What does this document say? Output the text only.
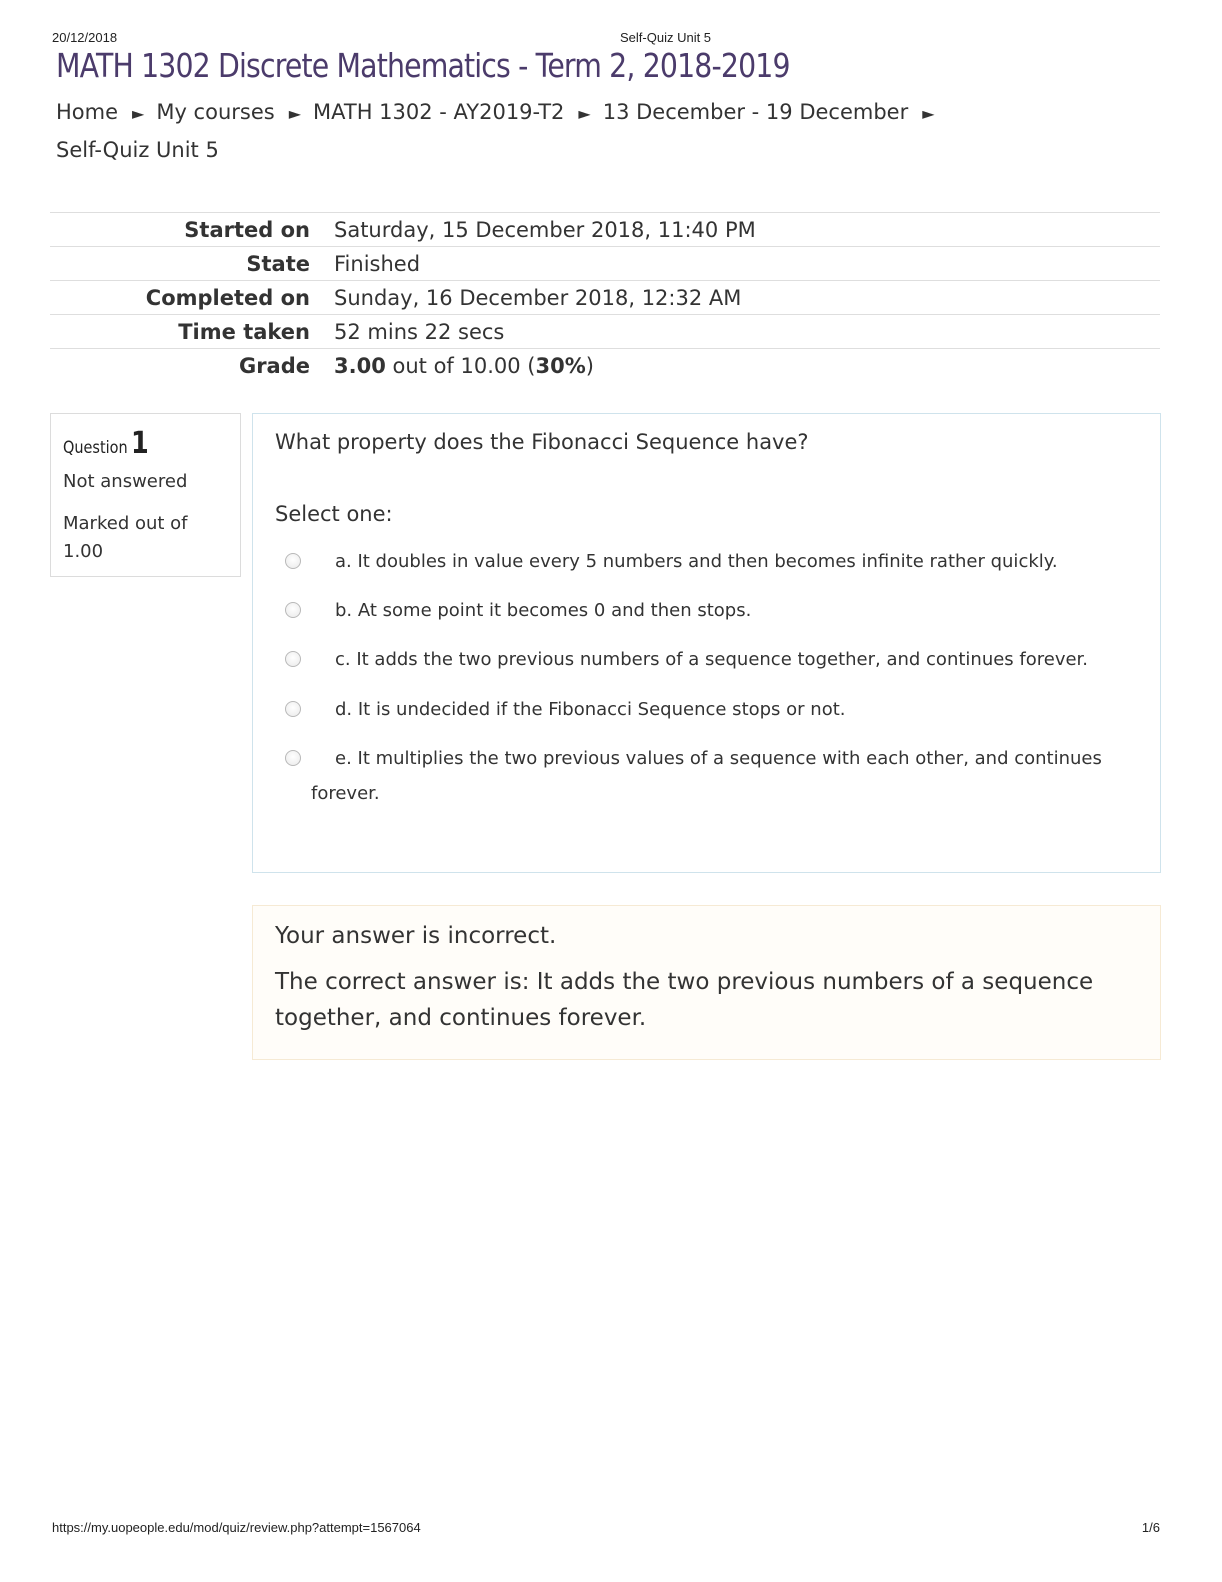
20/12/2018	Self-Quiz Unit 5
MATH 1302 Discrete Mathematics - Term 2, 2018-2019
Home ► My courses ► MATH 1302 - AY2019-T2 ► 13 December - 19 December ►
Self-Quiz Unit 5
Started on	Saturday, 15 December 2018, 11:40 PM
State	Finished
Completed on	Sunday, 16 December 2018, 12:32 AM
Time taken	52 mins 22 secs
Grade	3.00 out of 10.00 (30%)
Question 1
Not answered
Marked out of 1.00
What property does the Fibonacci Sequence have?
Select one:
a. It doubles in value every 5 numbers and then becomes infinite rather quickly.
b. At some point it becomes 0 and then stops.
c. It adds the two previous numbers of a sequence together, and continues forever.
d. It is undecided if the Fibonacci Sequence stops or not.
e. It multiplies the two previous values of a sequence with each other, and continues forever.
Your answer is incorrect.
The correct answer is: It adds the two previous numbers of a sequence together, and continues forever.
https://my.uopeople.edu/mod/quiz/review.php?attempt=1567064	1/6
